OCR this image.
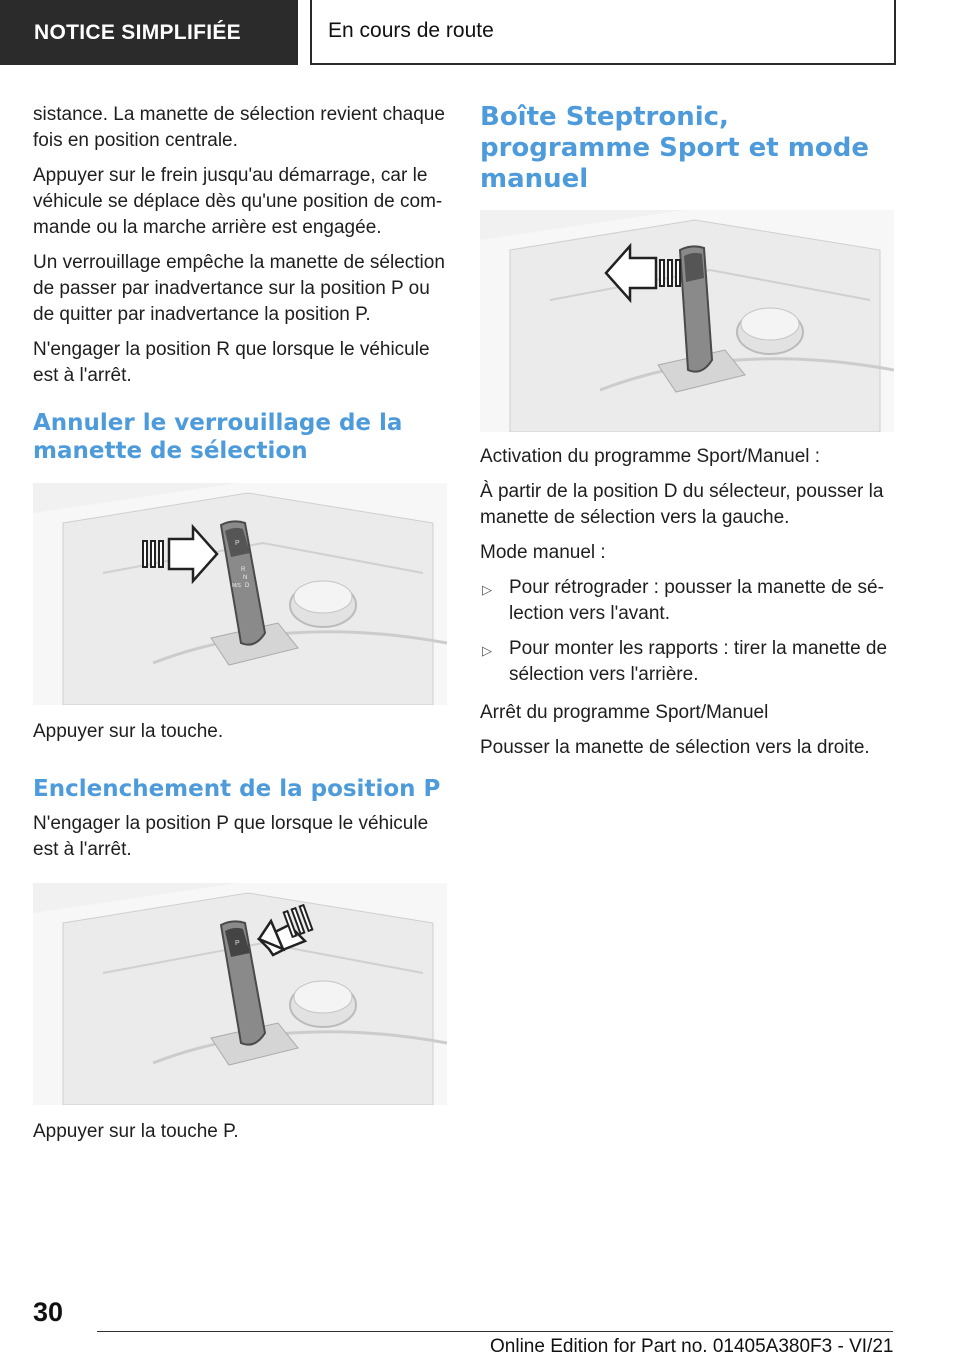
NOTICE SIMPLIFIÉE	En cours de route

sistance. La manette de sélection revient chaque fois en position centrale.

Appuyer sur le frein jusqu'au démarrage, car le véhicule se déplace dès qu'une position de com-mande ou la marche arrière est engagée.

Un verrouillage empêche la manette de sélection de passer par inadvertance sur la position P ou de quitter par inadvertance la position P.

N'engager la position R que lorsque le véhicule est à l'arrêt.

Annuler le verrouillage de la manette de sélection
P
R
N
D
M/S

Appuyer sur la touche.

Enclenchement de la position P

N'engager la position P que lorsque le véhicule est à l'arrêt.

P

Appuyer sur la touche P.

Boîte Steptronic, programme Sport et mode manuel

Activation du programme Sport/Manuel :

À partir de la position D du sélecteur, pousser la manette de sélection vers la gauche.

Mode manuel :

▷ Pour rétrograder : pousser la manette de sé-lection vers l'avant.
▷ Pour monter les rapports : tirer la manette de sélection vers l'arrière.

Arrêt du programme Sport/Manuel

Pousser la manette de sélection vers la droite.

30
Online Edition for Part no. 01405A380F3 - VI/21
